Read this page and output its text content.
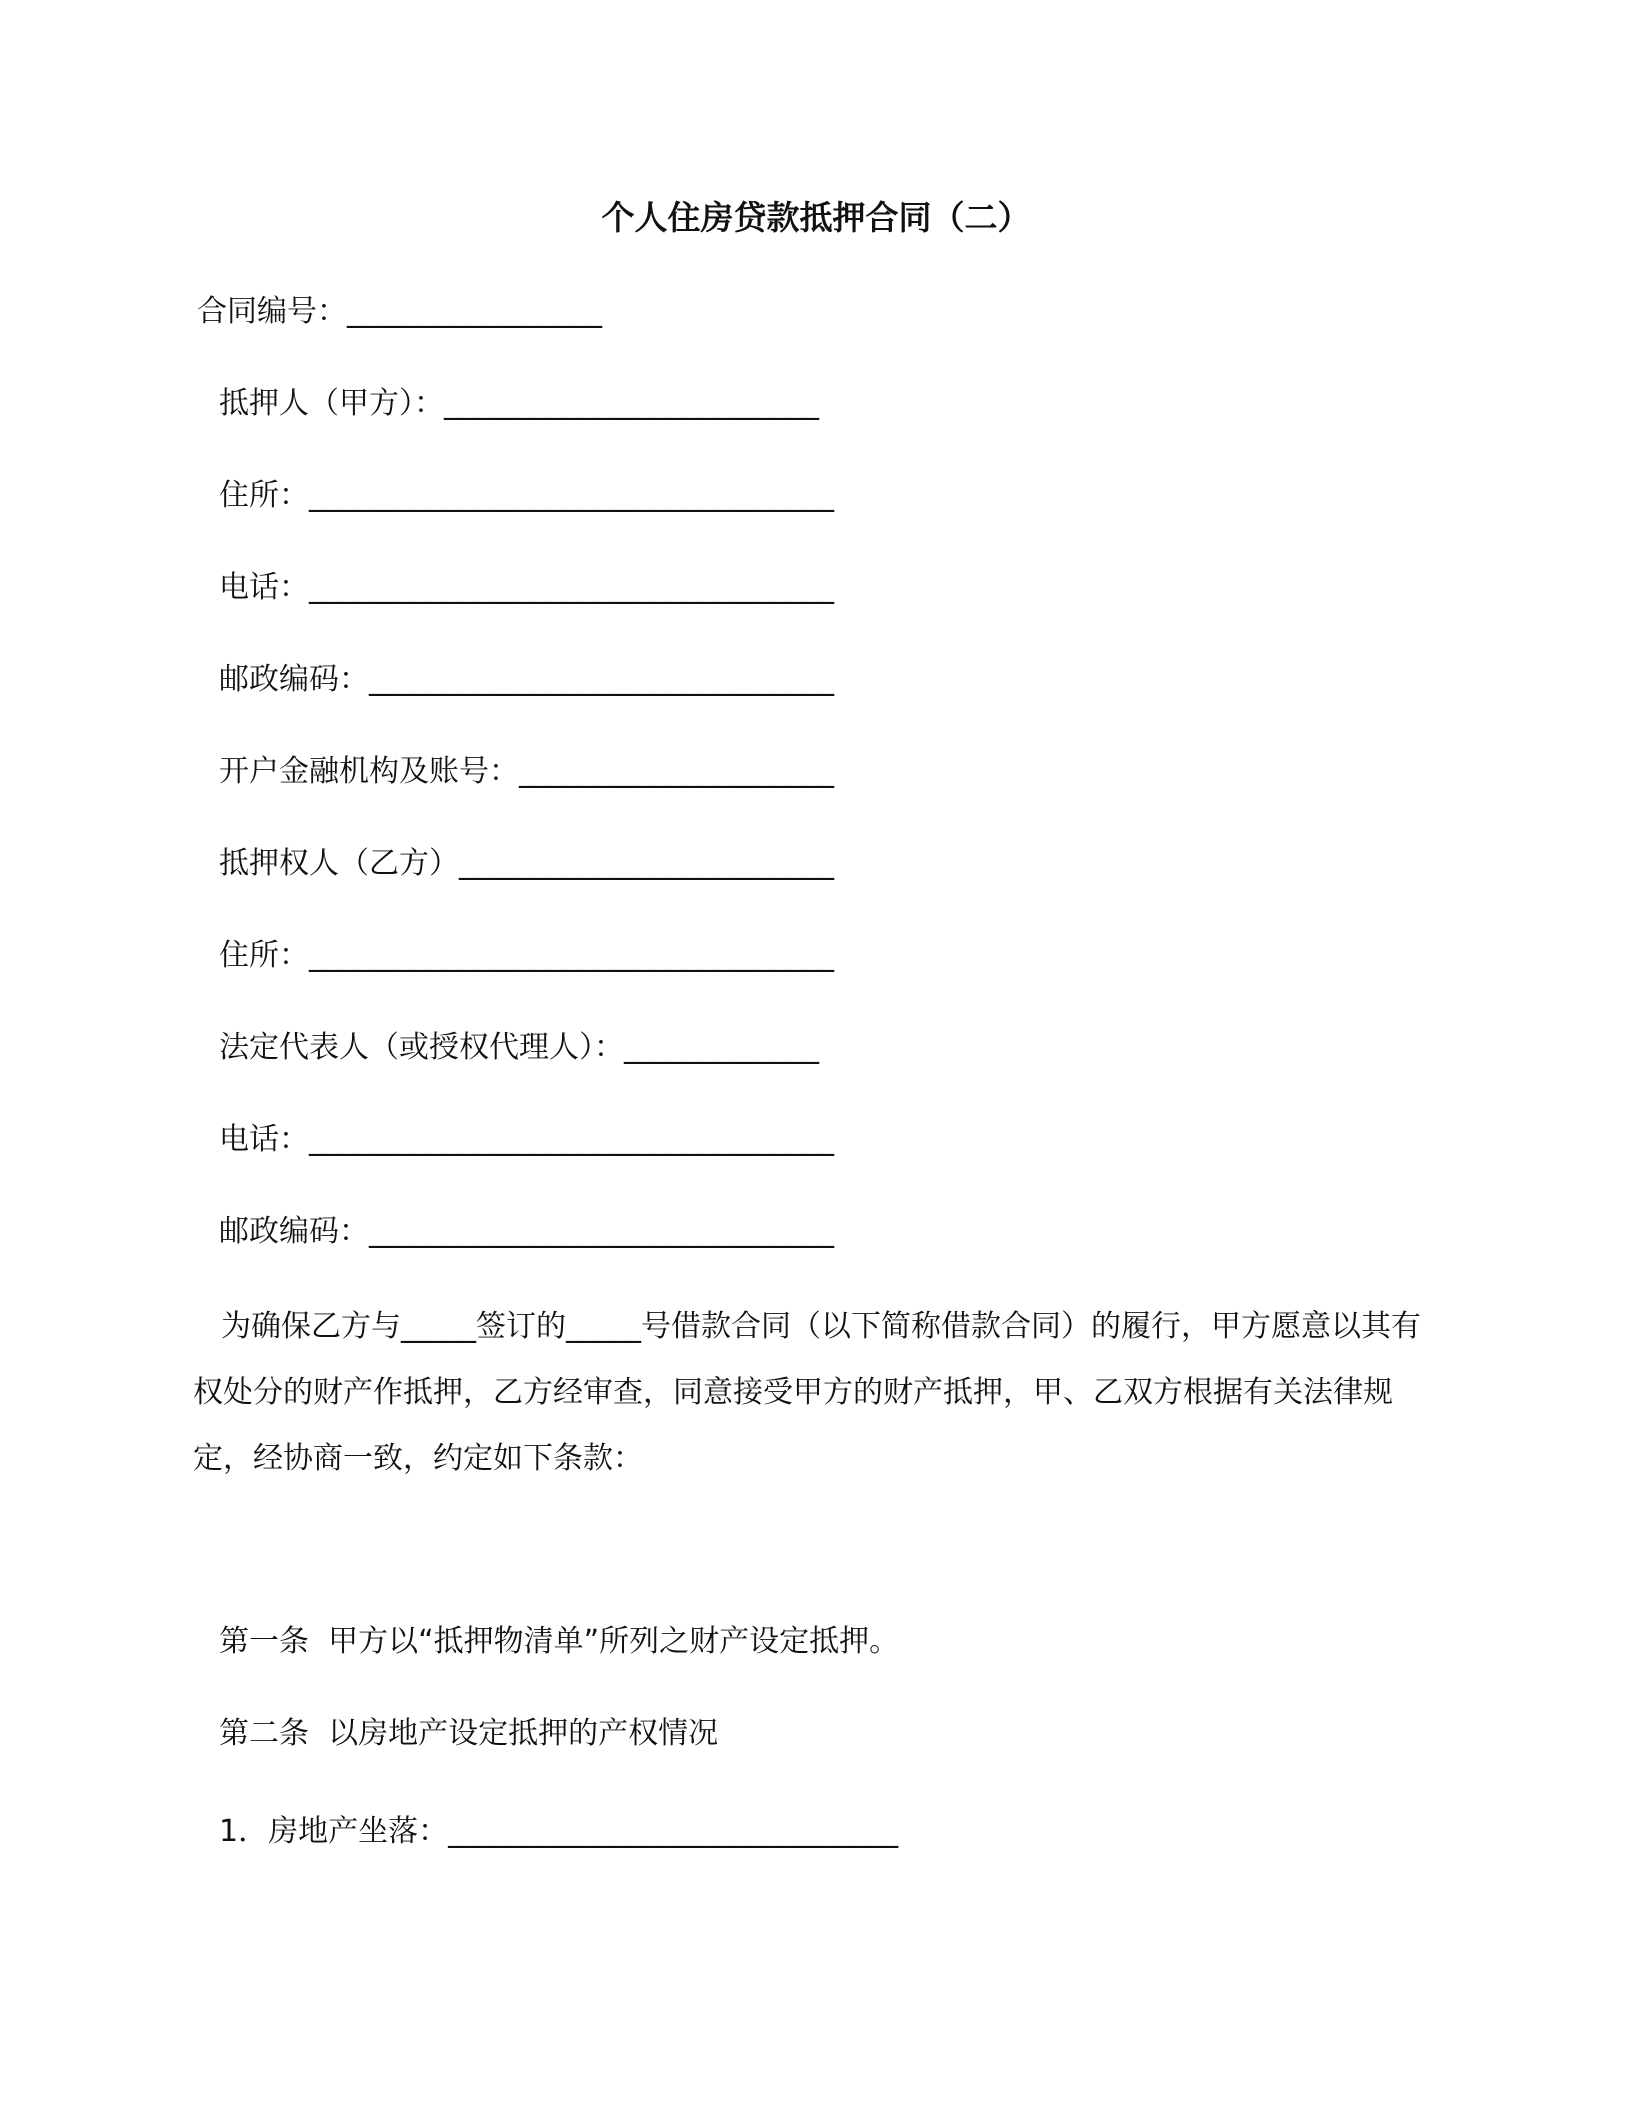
个人住房贷款抵押合同（二）
合同编号：_________________
抵押人（甲方）：_________________________
住所：___________________________________
电话：___________________________________
邮政编码：_______________________________
开户金融机构及账号：_____________________
抵押权人（乙方）_________________________
住所：___________________________________
法定代表人（或授权代理人）：_____________
电话：___________________________________
邮政编码：_______________________________
为确保乙方与_____签订的_____号借款合同（以下简称借款合同）的履行，甲方愿意以其有权处分的财产作抵押，乙方经审查，同意接受甲方的财产抵押，甲、乙双方根据有关法律规定，经协商一致，约定如下条款：
第一条  甲方以“抵押物清单”所列之财产设定抵押。
第二条  以房地产设定抵押的产权情况
1．房地产坐落：______________________________
